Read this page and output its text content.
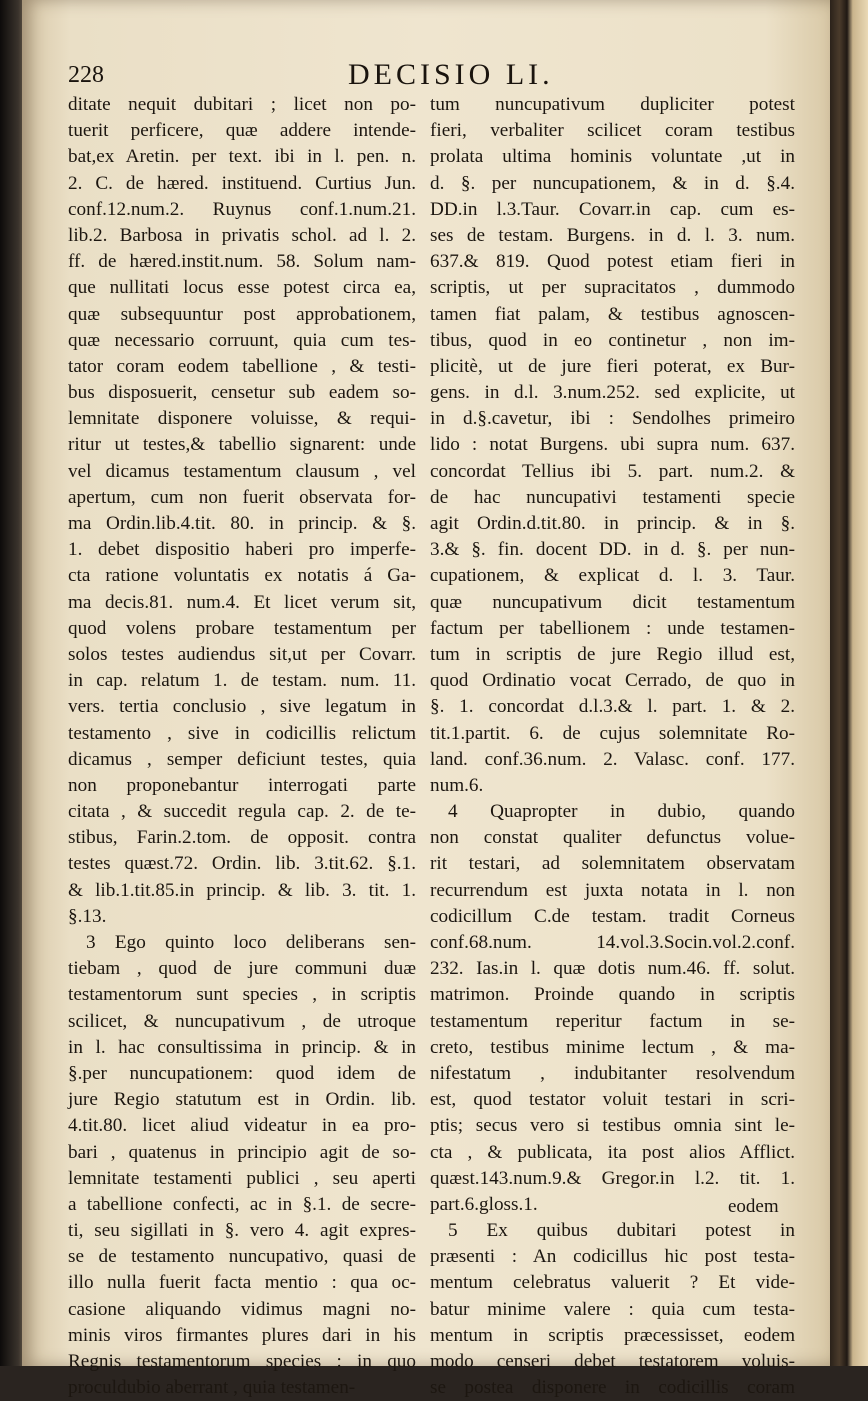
228	DECISIO LI.
ditate nequit dubitari ; licet non po-
tuerit perficere, quæ addere intende-
bat,ex Aretin. per text. ibi in l. pen. n.
2. C. de hæred. instituend. Curtius Jun.
conf.12.num.2. Ruynus conf.1.num.21.
lib.2. Barbosa in privatis schol. ad l. 2.
ff. de hæred.instit.num. 58. Solum nam-
que nullitati locus esse potest circa ea,
quæ subsequuntur post approbationem,
quæ necessario corruunt, quia cum tes-
tator coram eodem tabellione , & testi-
bus disposuerit, censetur sub eadem so-
lemnitate disponere voluisse, & requi-
ritur ut testes,& tabellio signarent: unde
vel dicamus testamentum clausum , vel
apertum, cum non fuerit observata for-
ma Ordin.lib.4.tit. 80. in princip. & §.
1. debet dispositio haberi pro imperfe-
cta ratione voluntatis ex notatis á Ga-
ma decis.81. num.4. Et licet verum sit,
quod volens probare testamentum per
solos testes audiendus sit,ut per Covarr.
in cap. relatum 1. de testam. num. 11.
vers. tertia conclusio , sive legatum in
testamento , sive in codicillis relictum
dicamus , semper deficiunt testes, quia
non proponebantur interrogati parte
citata , & succedit regula cap. 2. de te-
stibus, Farin.2.tom. de opposit. contra
testes quæst.72. Ordin. lib. 3.tit.62. §.1.
& lib.1.tit.85.in princip. & lib. 3. tit. 1.
§.13.
3 Ego quinto loco deliberans sen-
tiebam , quod de jure communi duæ
testamentorum sunt species , in scriptis
scilicet, & nuncupativum , de utroque
in l. hac consultissima in princip. & in
§.per nuncupationem: quod idem de
jure Regio statutum est in Ordin. lib.
4.tit.80. licet aliud videatur in ea pro-
bari , quatenus in principio agit de so-
lemnitate testamenti publici , seu aperti
a tabellione confecti, ac in §.1. de secre-
ti, seu sigillati in §. vero 4. agit expres-
se de testamento nuncupativo, quasi de
illo nulla fuerit facta mentio : qua oc-
casione aliquando vidimus magni no-
minis viros firmantes plures dari in his
Regnis testamentorum species : in quo
proculdubio aberrant , quia testamen-
tum nuncupativum dupliciter potest
fieri, verbaliter scilicet coram testibus
prolata ultima hominis voluntate ,ut in
d. §. per nuncupationem, & in d. §.4.
DD.in l.3.Taur. Covarr.in cap. cum es-
ses de testam. Burgens. in d. l. 3. num.
637.& 819. Quod potest etiam fieri in
scriptis, ut per supracitatos , dummodo
tamen fiat palam, & testibus agnoscen-
tibus, quod in eo continetur , non im-
plicitè, ut de jure fieri poterat, ex Bur-
gens. in d.l. 3.num.252. sed explicite, ut
in d.§.cavetur, ibi : Sendolhes primeiro
lido : notat Burgens. ubi supra num. 637.
concordat Tellius ibi 5. part. num.2. &
de hac nuncupativi testamenti specie
agit Ordin.d.tit.80. in princip. & in §.
3.& §. fin. docent DD. in d. §. per nun-
cupationem, & explicat d. l. 3. Taur.
quæ nuncupativum dicit testamentum
factum per tabellionem : unde testamen-
tum in scriptis de jure Regio illud est,
quod Ordinatio vocat Cerrado, de quo in
§. 1. concordat d.l.3.& l. part. 1. & 2.
tit.1.partit. 6. de cujus solemnitate Ro-
land. conf.36.num. 2. Valasc. conf. 177.
num.6.
4 Quapropter in dubio, quando
non constat qualiter defunctus volue-
rit testari, ad solemnitatem observatam
recurrendum est juxta notata in l. non
codicillum C.de testam. tradit Corneus
conf.68.num. 14.vol.3.Socin.vol.2.conf.
232. Ias.in l. quæ dotis num.46. ff. solut.
matrimon. Proinde quando in scriptis
testamentum reperitur factum in se-
creto, testibus minime lectum , & ma-
nifestatum , indubitanter resolvendum
est, quod testator voluit testari in scri-
ptis; secus vero si testibus omnia sint le-
cta , & publicata, ita post alios Afflict.
quæst.143.num.9.& Gregor.in l.2. tit. 1.
part.6.gloss.1.
5 Ex quibus dubitari potest in
præsenti : An codicillus hic post testa-
mentum celebratus valuerit ? Et vide-
batur minime valere : quia cum testa-
mentum in scriptis præcessisset, eodem
modo censeri debet testatorem voluis-
se postea disponere in codicillis coram
eodem
